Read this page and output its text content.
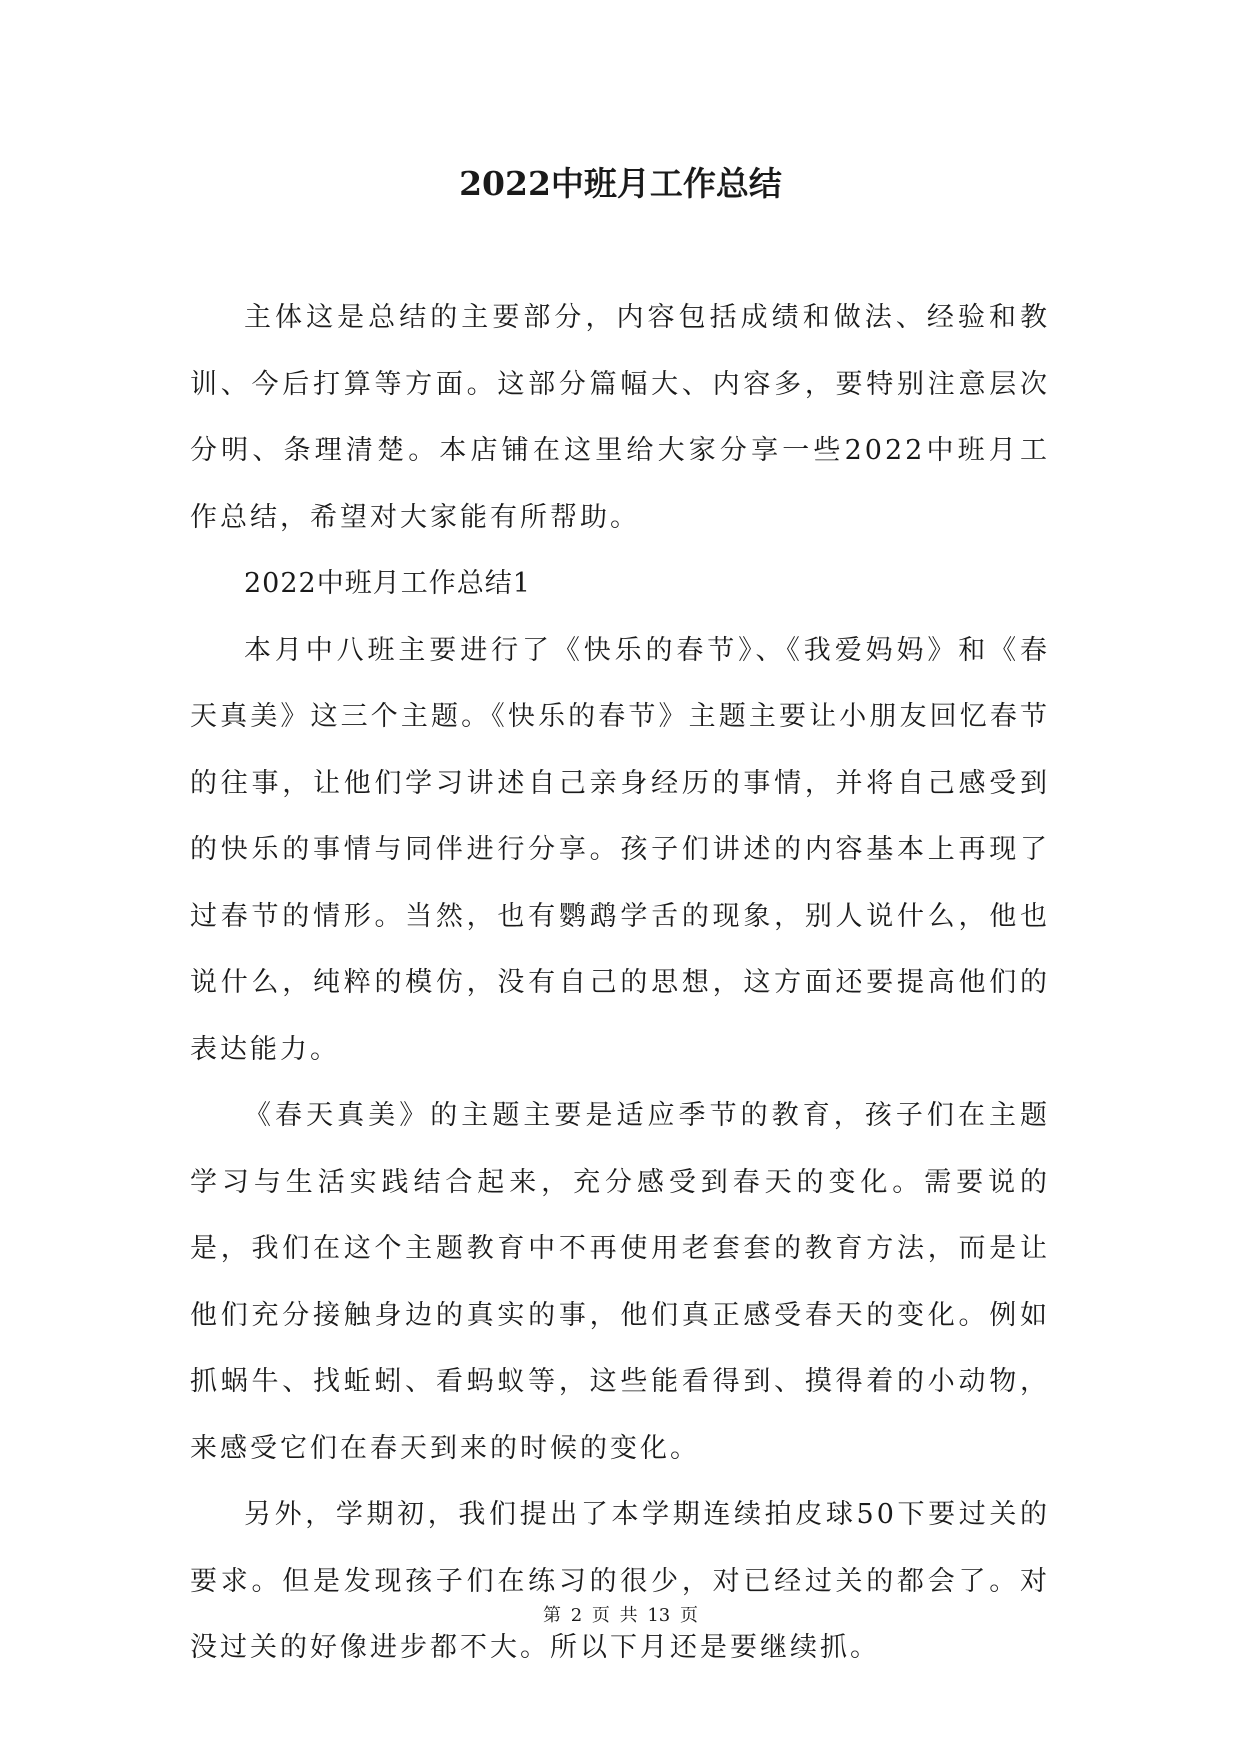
2022中班月工作总结

主体这是总结的主要部分，内容包括成绩和做法、经验和教训、今后打算等方面。这部分篇幅大、内容多，要特别注意层次分明、条理清楚。本店铺在这里给大家分享一些2022中班月工作总结，希望对大家能有所帮助。

2022中班月工作总结1

本月中八班主要进行了《快乐的春节》、《我爱妈妈》和《春天真美》这三个主题。《快乐的春节》主题主要让小朋友回忆春节的往事，让他们学习讲述自己亲身经历的事情，并将自己感受到的快乐的事情与同伴进行分享。孩子们讲述的内容基本上再现了过春节的情形。当然，也有鹦鹉学舌的现象，别人说什么，他也说什么，纯粹的模仿，没有自己的思想，这方面还要提高他们的表达能力。

《春天真美》的主题主要是适应季节的教育，孩子们在主题学习与生活实践结合起来，充分感受到春天的变化。需要说的是，我们在这个主题教育中不再使用老套套的教育方法，而是让他们充分接触身边的真实的事，他们真正感受春天的变化。例如抓蜗牛、找蚯蚓、看蚂蚁等，这些能看得到、摸得着的小动物，来感受它们在春天到来的时候的变化。

另外，学期初，我们提出了本学期连续拍皮球50下要过关的要求。但是发现孩子们在练习的很少，对已经过关的都会了。对没过关的好像进步都不大。所以下月还是要继续抓。

第 2 页 共 13 页
